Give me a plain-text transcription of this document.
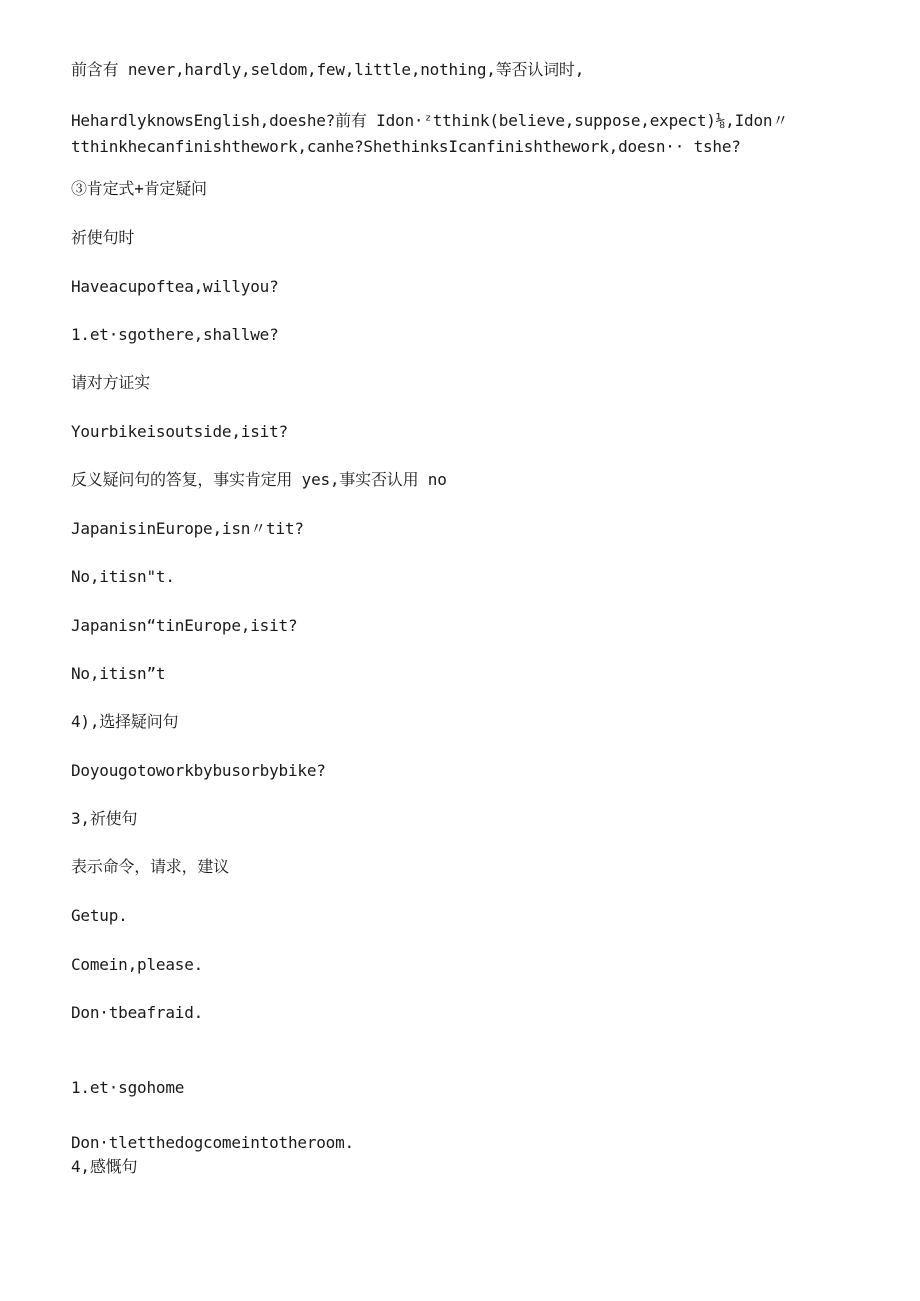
前含有 never,hardly,seldom,few,little,nothing,等否认词时,
HehardlyknowsEnglish,doeshe?前有 Idon·ᶻtthink(believe,suppose,expect)⅛,Idon〃
tthinkhecanfinishthework,canhe?ShethinksIcanfinishthework,doesn·· tshe?
③肯定式+肯定疑问
祈使句时
Haveacupoftea,willyou?
1.et·sgothere,shallwe?
请对方证实
Yourbikeisoutside,isit?
反义疑问句的答复，事实肯定用 yes,事实否认用 no
JapanisinEurope,isn〃tit?
No,itisn"t.
Japanisn“tinEurope,isit?
No,itisn”t
4),选择疑问句
Doyougotoworkbybusorbybike?
3,祈使句
表示命令，请求，建议
Getup.
Comein,please.
Don·tbeafraid.
1.et·sgohome
Don·tletthedogcomeintotheroom.
4,感慨句
